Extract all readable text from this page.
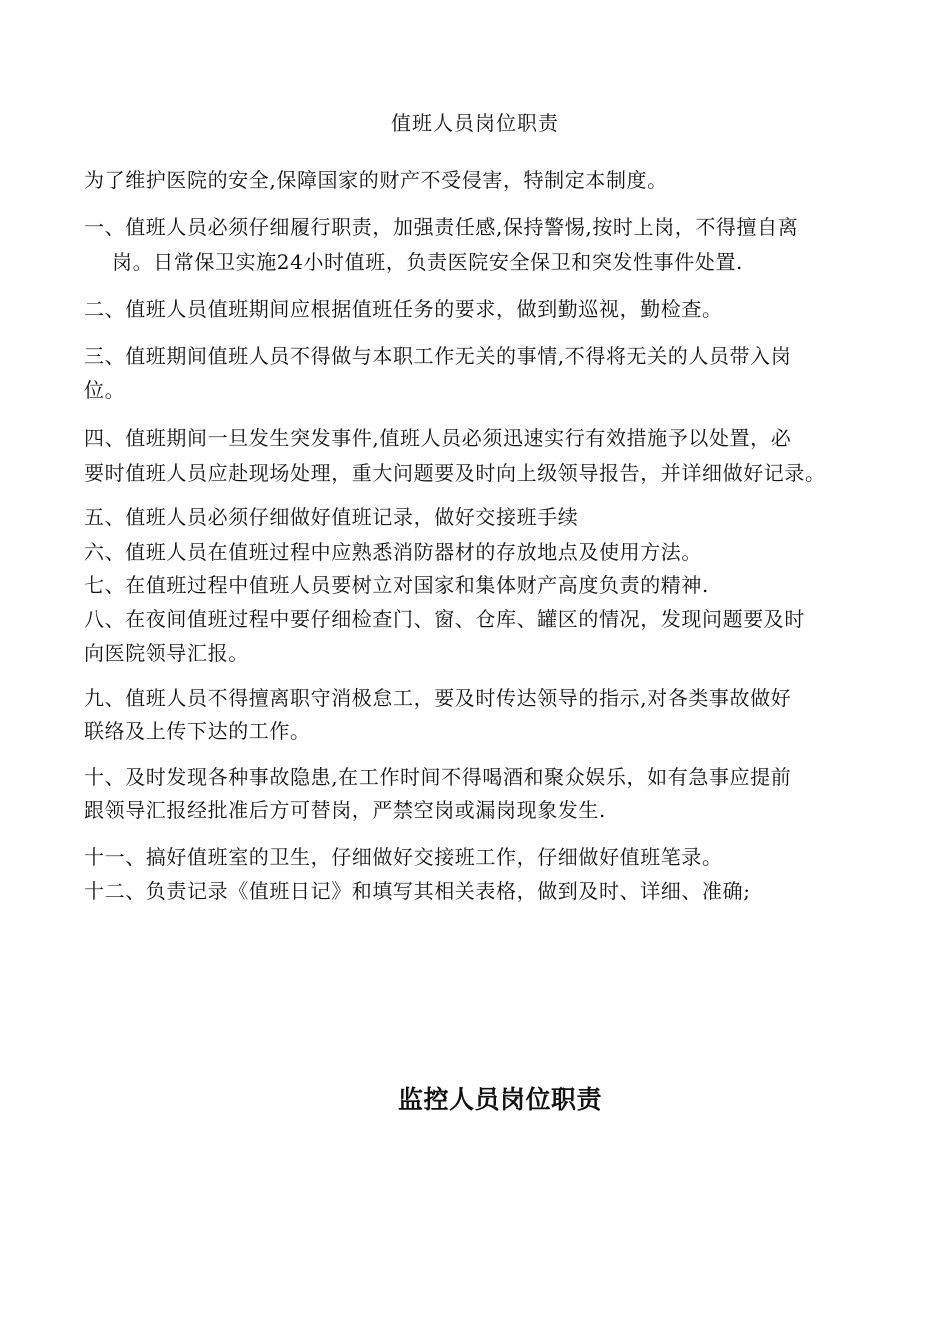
值班人员岗位职责
为了维护医院的安全,保障国家的财产不受侵害，特制定本制度。
一、值班人员必须仔细履行职责，加强责任感,保持警惕,按时上岗，不得擅自离
岗。日常保卫实施24小时值班，负责医院安全保卫和突发性事件处置.
二、值班人员值班期间应根据值班任务的要求，做到勤巡视，勤检查。
三、值班期间值班人员不得做与本职工作无关的事情,不得将无关的人员带入岗
位。
四、值班期间一旦发生突发事件,值班人员必须迅速实行有效措施予以处置，必
要时值班人员应赴现场处理，重大问题要及时向上级领导报告，并详细做好记录。
五、值班人员必须仔细做好值班记录，做好交接班手续
六、值班人员在值班过程中应熟悉消防器材的存放地点及使用方法。
七、在值班过程中值班人员要树立对国家和集体财产高度负责的精神.
八、在夜间值班过程中要仔细检查门、窗、仓库、罐区的情况，发现问题要及时
向医院领导汇报。
九、值班人员不得擅离职守消极怠工，要及时传达领导的指示,对各类事故做好
联络及上传下达的工作。
十、及时发现各种事故隐患,在工作时间不得喝酒和聚众娱乐，如有急事应提前
跟领导汇报经批准后方可替岗，严禁空岗或漏岗现象发生.
十一、搞好值班室的卫生，仔细做好交接班工作，仔细做好值班笔录。
十二、负责记录《值班日记》和填写其相关表格，做到及时、详细、准确;
监控人员岗位职责
